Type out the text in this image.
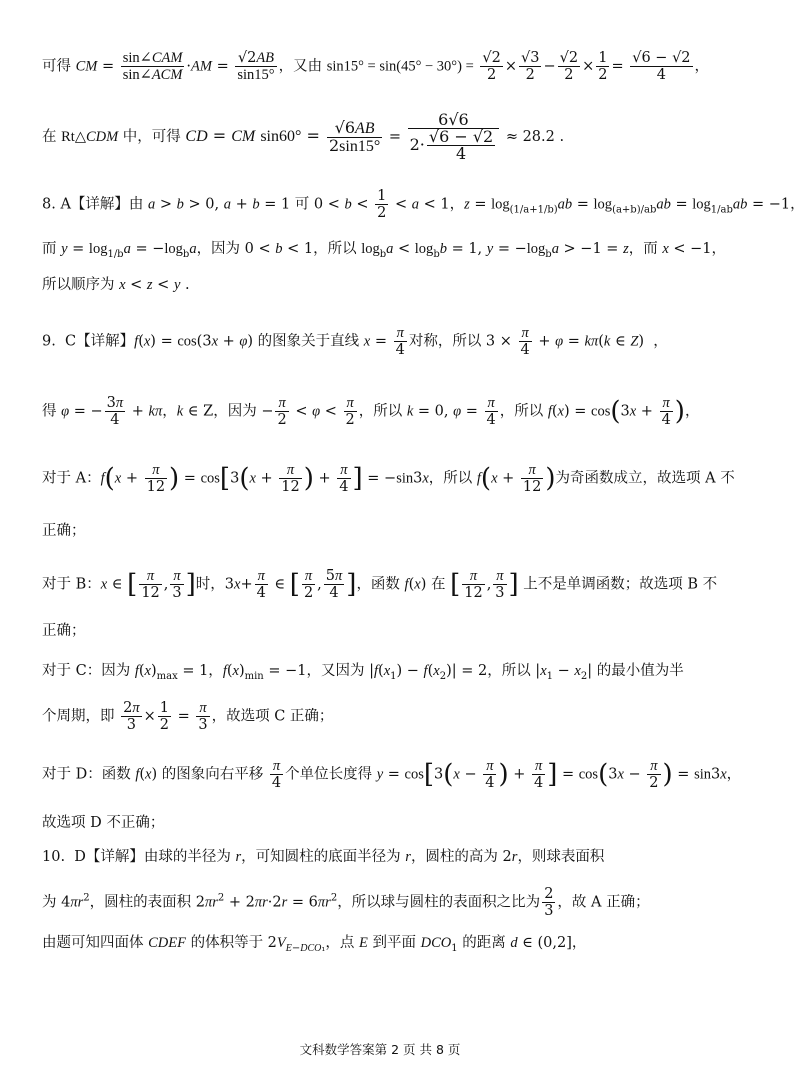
可得 CM = $\frac{\text{sin∠CAM}}{\text{sin∠ACM}} \cdot AM = \frac{√2AB}{\sin 15^\circ}$ ，又由 $\sin 15^\circ = \sin(45^\circ - 30^\circ) = \frac{√2}{2} \times \frac{√3}{2} - \frac{√2}{2} \times \frac{1}{2} = \frac{√6 - √2}{4}$ ，
在 Rt△CDM 中，可得 CD = CM $\sin 60^\circ = \frac{√6AB}{2\sin 15^\circ} = \frac{6√6}{2\cdot \frac{√6 - √2}{4}} \approx 28.2$ .
8. A【详解】由 a > b > 0, a + b = 1 可 $0 < b < \frac{1}{2} < a < 1$，$z = \log_{(1/a+1/b)}ab = \log_{(a+b)/ab}ab = \log_{1/ab}ab = -1$，
而 $y = \log_{1/b}a = -\log_ba$，因为 0 < b < 1，所以 $\log_ba < \log_bb = 1$, $y = -\log_ba > -1 = z$，而 x < −1，
所以顺序为 x < z < y .
9.  C【详解】f(x) = cos(3x + φ) 的图象关于直线 $x = \frac{\pi}{4}$ 对称，所以 $3 \times \frac{\pi}{4} + \varphi = k\pi(k$ ∈ Z)  ，
得 φ = − $\frac{3\pi}{4} + k\pi$，k ∈ Z，因为 − $\frac{\pi}{2} < \varphi < \frac{\pi}{2}$ ，所以 k = 0, $\varphi = \frac{\pi}{4}$ ，所以 $f(x) = \cos(3x + \frac{\pi}{4}$ )，
对于 A：$f(x + \frac{\pi}{12}$ ) = $\cos[3(x + \frac{\pi}{12}$ ) + $\frac{\pi}{4}$ ] = −sin3x，所以 $f(x + \frac{\pi}{12}$ )为奇函数成立，故选项 A 不
正确；
对于 B：x ∈ [ $\frac{\pi}{12}$ , $\frac{\pi}{3}$ ]时，$3x+ \frac{\pi}{4}$ ∈ [ $\frac{\pi}{2}$ , $\frac{5\pi}{4}$ ]，函数 f(x) 在 [ $\frac{\pi}{12}$ , $\frac{\pi}{3}$ ] 上不是单调函数；故选项 B 不
正确；
对于 C：因为 $f(x)_{max} = 1$，$f(x)_{min} = -1$，又因为 $|f(x_1) - f(x_2)| = 2$，所以 $|x_1 - x_2|$ 的最小值为半
个周期，即 $\frac{2\pi}{3} \times \frac{1}{2} = \frac{\pi}{3}$ ，故选项 C 正确；
对于 D：函数 f(x) 的图象向右平移 $\frac{\pi}{4}$ 个单位长度得 $y = \cos[3(x - \frac{\pi}{4}$ ) + $\frac{\pi}{4}$ ] = $\cos(3x - \frac{\pi}{2}$ ) = sin3x，
故选项 D 不正确；
10.  D【详解】由球的半径为 r，可知圆柱的底面半径为 r，圆柱的高为 2r，则球表面积
为 $4\pi r^2$，圆柱的表面积 $2\pi r^2 + 2\pi r\cdot 2r = 6\pi r^2$，所以球与圆柱的表面积之比为 $\frac{2}{3}$ ，故 A 正确；
由题可知四面体 CDEF 的体积等于 $2V_{E-DCO_1}$，点 E 到平面 $DCO_1$ 的距离 d ∈ (0,2]，
文科数学答案第 2 页 共 8 页
